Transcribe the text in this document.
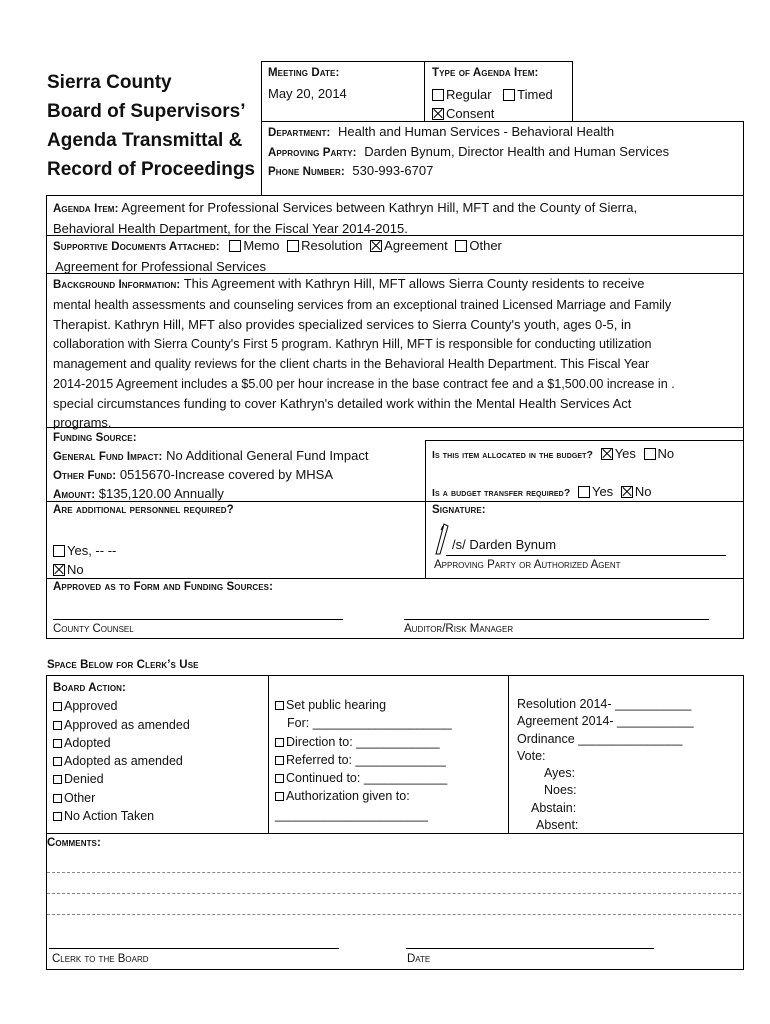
Sierra County
Board of Supervisors’
Agenda Transmittal &
Record of Proceedings
Meeting Date:
May 20, 2014
Type of Agenda Item:
Regular Timed
Consent
Department: Health and Human Services - Behavioral Health
Approving Party: Darden Bynum, Director Health and Human Services
Phone Number: 530-993-6707
Agenda Item: Agreement for Professional Services between Kathryn Hill, MFT and the County of Sierra,
Behavioral Health Department, for the Fiscal Year 2014-2015.
Supportive Documents Attached: Memo Resolution Agreement Other
Agreement for Professional Services
Background Information: This Agreement with Kathryn Hill, MFT allows Sierra County residents to receive
mental health assessments and counseling services from an exceptional trained Licensed Marriage and Family
Therapist. Kathryn Hill, MFT also provides specialized services to Sierra County's youth, ages 0-5, in
collaboration with Sierra County's First 5 program. Kathryn Hill, MFT is responsible for conducting utilization
management and quality reviews for the client charts in the Behavioral Health Department. This Fiscal Year
2014-2015 Agreement includes a $5.00 per hour increase in the base contract fee and a $1,500.00 increase in .
special circumstances funding to cover Kathryn's detailed work within the Mental Health Services Act
programs.
Funding Source:
General Fund Impact: No Additional General Fund Impact
Other Fund: 0515670-Increase covered by MHSA
Amount: $135,120.00 Annually
Is this item allocated in the budget? Yes No
Is a budget transfer required? Yes No
Are additional personnel required?
Yes, -- --
No
Signature:
/s/ Darden Bynum
Approving Party or Authorized Agent
Approved as to Form and Funding Sources:
County Counsel	Auditor/Risk Manager
Space Below for Clerk’s Use
Board Action:
Approved
Approved as amended
Adopted
Adopted as amended
Denied
Other
No Action Taken
Set public hearing
For: ____________________
Direction to: ____________
Referred to: _____________
Continued to: ____________
Authorization given to:
______________________
Resolution 2014- ___________
Agreement 2014- ___________
Ordinance _______________
Vote:
Ayes:
Noes:
Abstain:
Absent:
Comments:
Clerk to the Board	Date
